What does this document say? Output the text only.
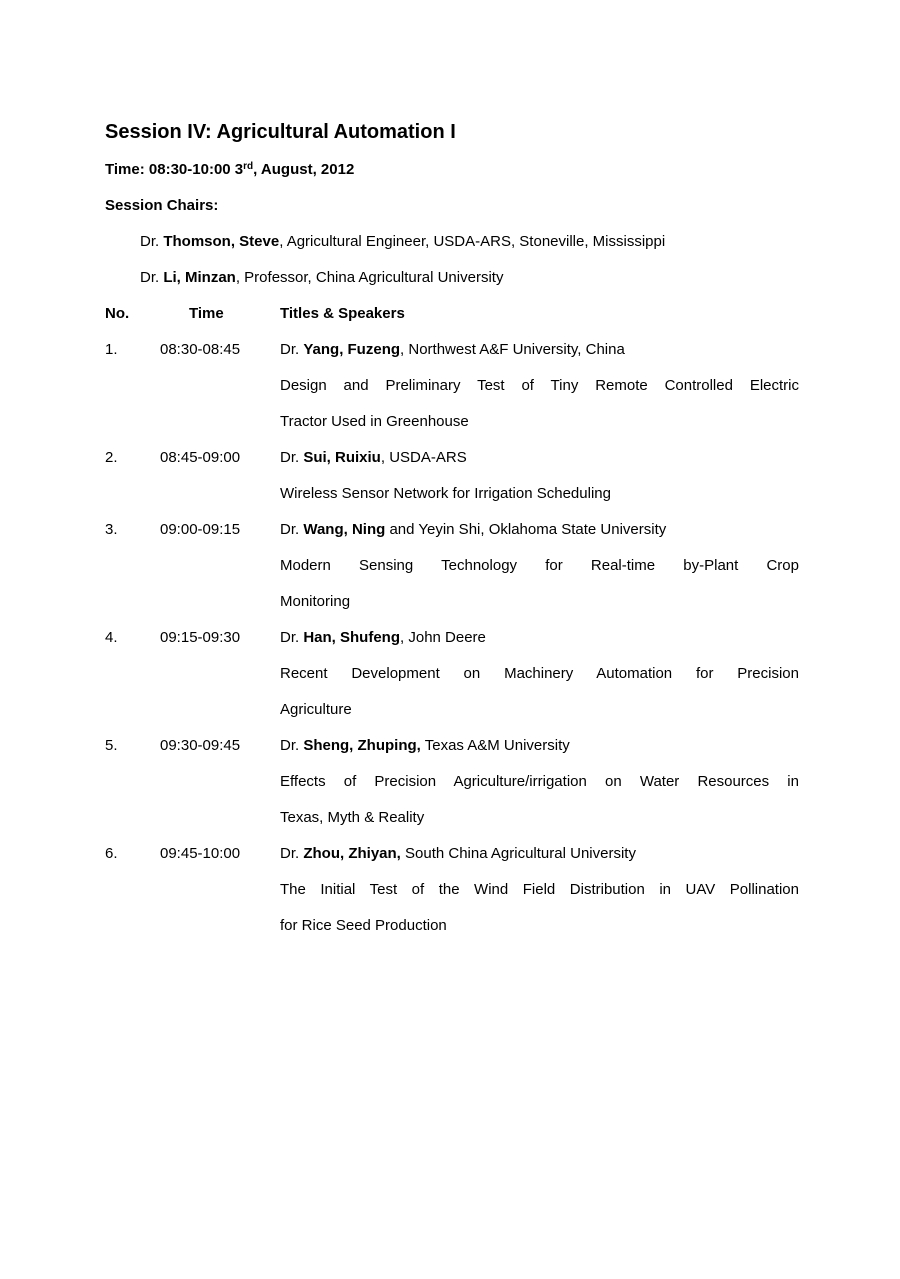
Session IV: Agricultural Automation I
Time: 08:30-10:00 3rd, August, 2012
Session Chairs:
Dr. Thomson, Steve, Agricultural Engineer, USDA-ARS, Stoneville, Mississippi
Dr. Li, Minzan, Professor, China Agricultural University
No.	Time	Titles & Speakers
1.	08:30-08:45	Dr. Yang, Fuzeng, Northwest A&F University, China
Design and Preliminary Test of Tiny Remote Controlled Electric
Tractor Used in Greenhouse
2.	08:45-09:00	Dr. Sui, Ruixiu, USDA-ARS
Wireless Sensor Network for Irrigation Scheduling
3.	09:00-09:15	Dr. Wang, Ning and Yeyin Shi, Oklahoma State University
Modern Sensing Technology for Real-time by-Plant Crop
Monitoring
4.	09:15-09:30	Dr. Han, Shufeng, John Deere
Recent Development on Machinery Automation for Precision
Agriculture
5.	09:30-09:45	Dr. Sheng, Zhuping, Texas A&M University
Effects of Precision Agriculture/irrigation on Water Resources in
Texas, Myth & Reality
6.	09:45-10:00	Dr. Zhou, Zhiyan, South China Agricultural University
The Initial Test of the Wind Field Distribution in UAV Pollination
for Rice Seed Production
